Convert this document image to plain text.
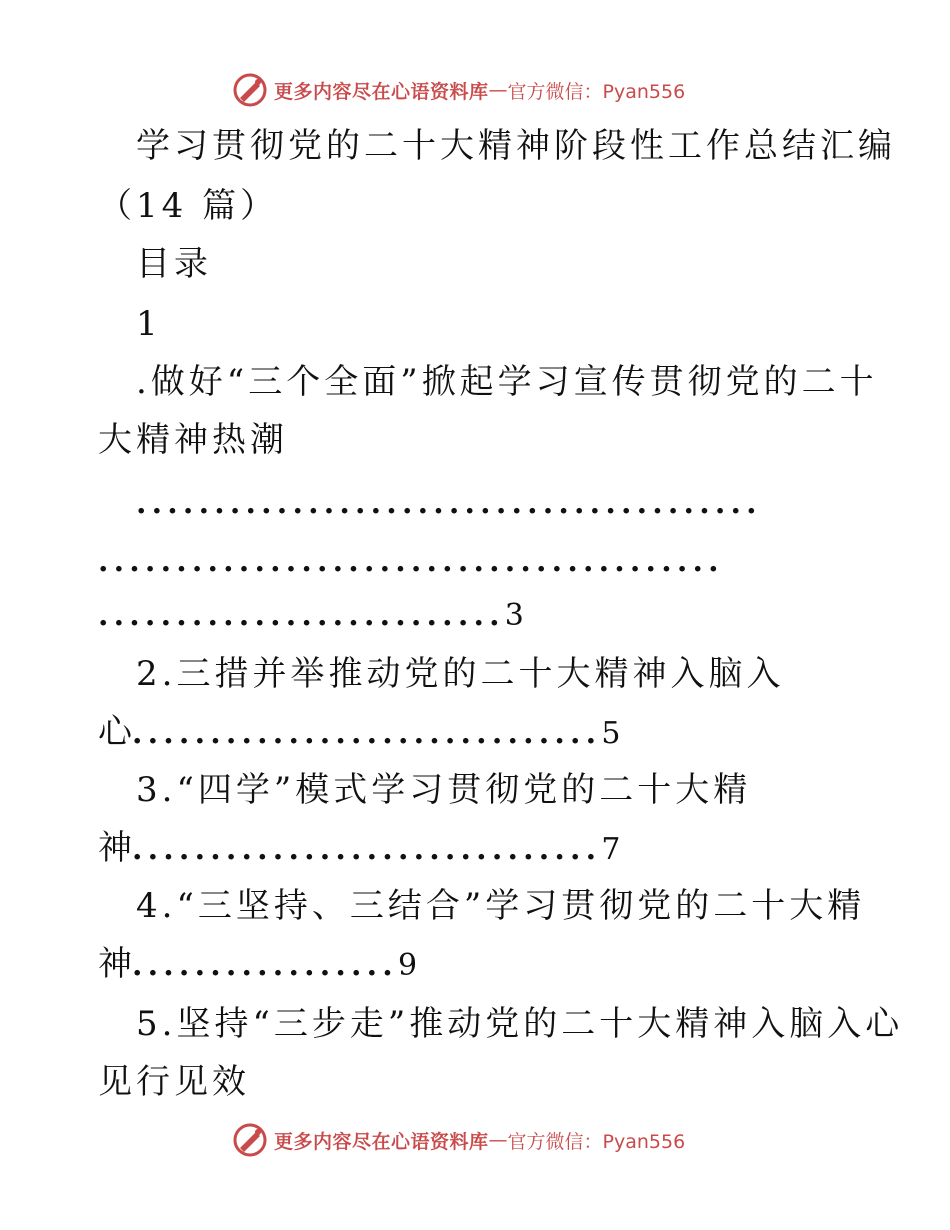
更多内容尽在心语资料库 — 官方微信：Pyan556
学习贯彻党的二十大精神阶段性工作总结汇编
（14 篇）
目录
1
.做好“三个全面”掀起学习宣传贯彻党的二十
大精神热潮
........................................
........................................
..........................3
2.三措并举推动党的二十大精神入脑入
心..............................5
3.“四学”模式学习贯彻党的二十大精
神..............................7
4.“三坚持、三结合”学习贯彻党的二十大精
神.................9
5.坚持“三步走”推动党的二十大精神入脑入心
见行见效
更多内容尽在心语资料库 — 官方微信：Pyan556
